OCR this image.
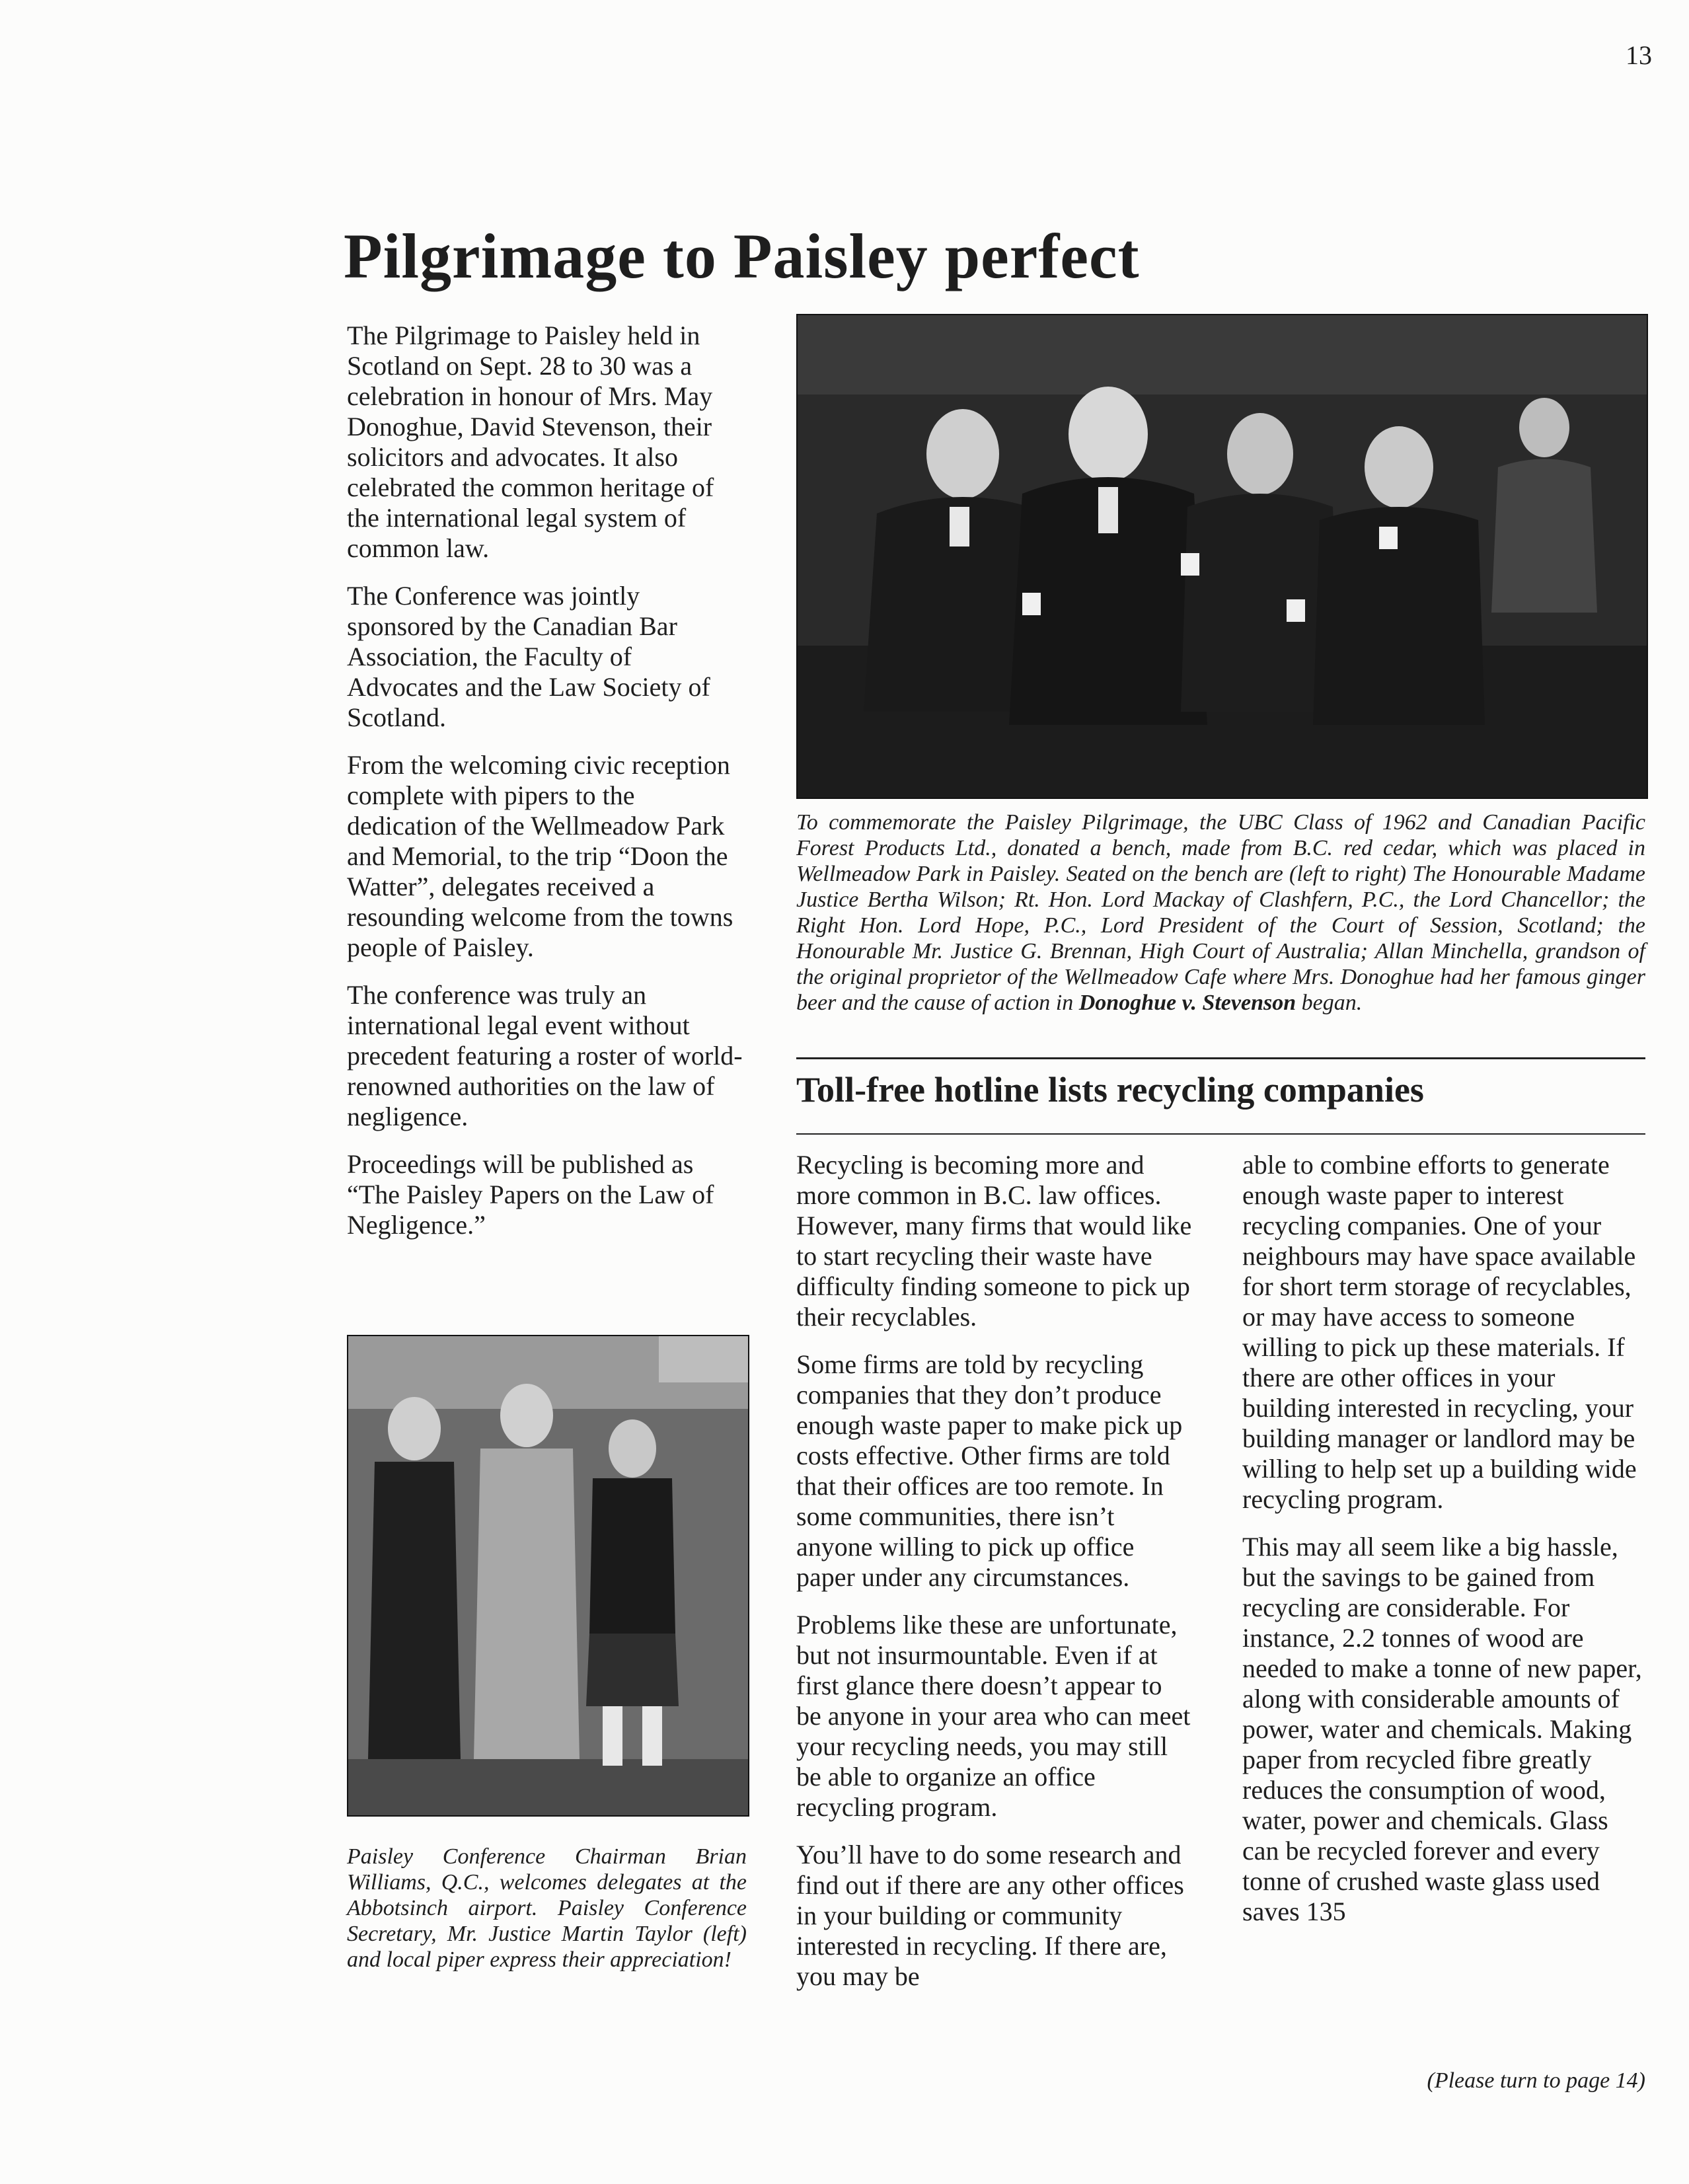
13
Pilgrimage to Paisley perfect

The Pilgrimage to Paisley held in Scotland on Sept. 28 to 30 was a celebration in honour of Mrs. May Donoghue, David Stevenson, their solicitors and advocates. It also celebrated the common heritage of the international legal system of common law.

The Conference was jointly sponsored by the Canadian Bar Association, the Faculty of Advocates and the Law Society of Scotland.

From the welcoming civic reception complete with pipers to the dedication of the Wellmeadow Park and Memorial, to the trip “Doon the Watter”, delegates received a resounding welcome from the towns people of Paisley.

The conference was truly an international legal event without precedent featuring a roster of world-renowned authorities on the law of negligence.

Proceedings will be published as “The Paisley Papers on the Law of Negligence.”

To commemorate the Paisley Pilgrimage, the UBC Class of 1962 and Canadian Pacific Forest Products Ltd., donated a bench, made from B.C. red cedar, which was placed in Wellmeadow Park in Paisley. Seated on the bench are (left to right) The Honourable Madame Justice Bertha Wilson; Rt. Hon. Lord Mackay of Clashfern, P.C., the Lord Chancellor; the Right Hon. Lord Hope, P.C., Lord President of the Court of Session, Scotland; the Honourable Mr. Justice G. Brennan, High Court of Australia; Allan Minchella, grandson of the original proprietor of the Wellmeadow Cafe where Mrs. Donoghue had her famous ginger beer and the cause of action in Donoghue v. Stevenson began.
Paisley Conference Chairman Brian Williams, Q.C., welcomes delegates at the Abbotsinch airport. Paisley Conference Secretary, Mr. Justice Martin Taylor (left) and local piper express their appreciation!
Toll-free hotline lists recycling companies

Recycling is becoming more and more common in B.C. law offices. However, many firms that would like to start recycling their waste have difficulty finding someone to pick up their recyclables.

Some firms are told by recycling companies that they don’t produce enough waste paper to make pick up costs effective. Other firms are told that their offices are too remote. In some communities, there isn’t anyone willing to pick up office paper under any circumstances.

Problems like these are unfortunate, but not insurmountable. Even if at first glance there doesn’t appear to be anyone in your area who can meet your recycling needs, you may still be able to organize an office recycling program.

You’ll have to do some research and find out if there are any other offices in your building or community interested in recycling. If there are, you may be

able to combine efforts to generate enough waste paper to interest recycling companies. One of your neighbours may have space available for short term storage of recyclables, or may have access to someone willing to pick up these materials. If there are other offices in your building interested in recycling, your building manager or landlord may be willing to help set up a building wide recycling program.

This may all seem like a big hassle, but the savings to be gained from recycling are considerable. For instance, 2.2 tonnes of wood are needed to make a tonne of new paper, along with considerable amounts of power, water and chemicals. Making paper from recycled fibre greatly reduces the consumption of wood, water, power and chemicals. Glass can be recycled forever and every tonne of crushed waste glass used saves 135

(Please turn to page 14)
